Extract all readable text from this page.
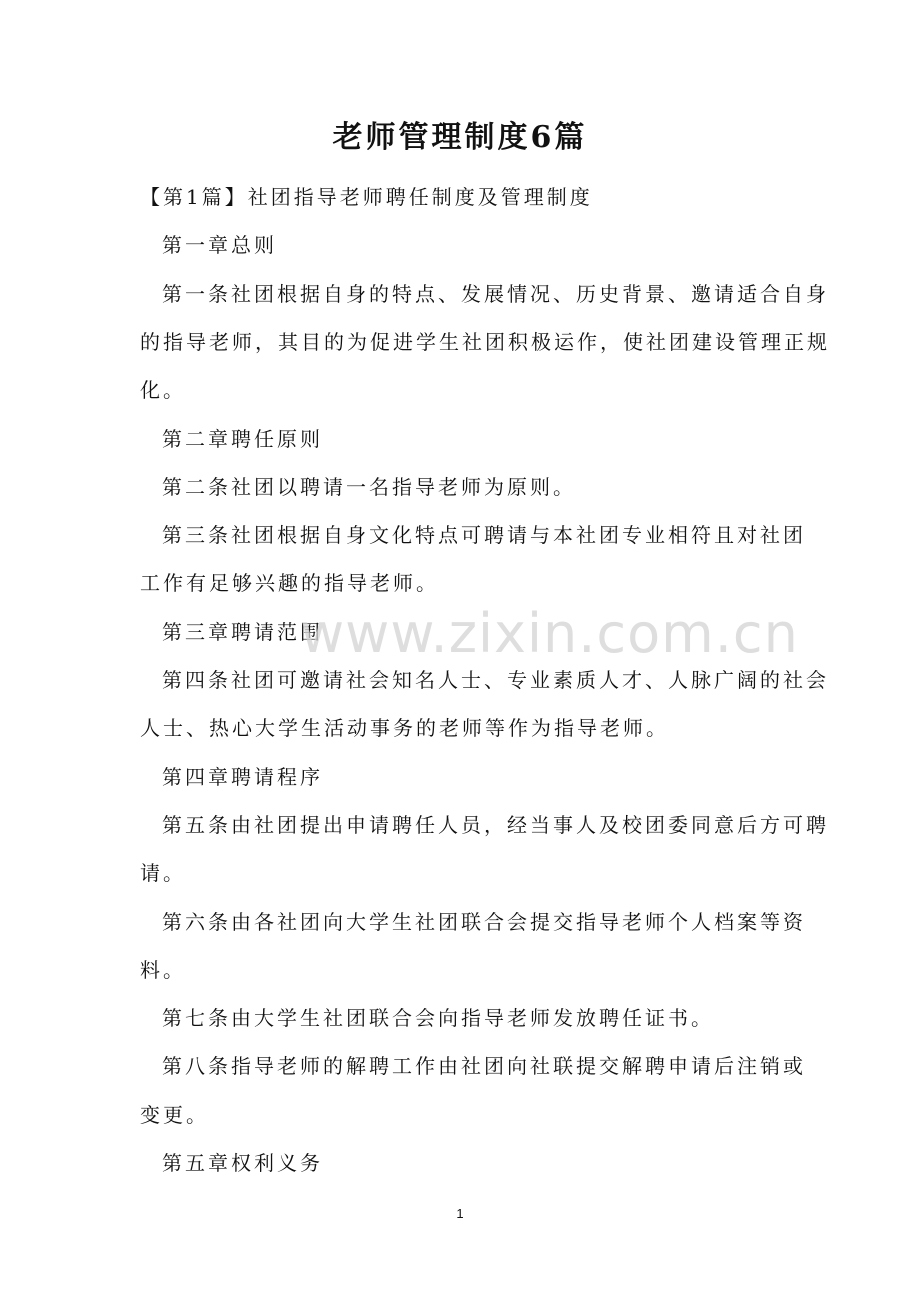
老师管理制度6篇
【第1篇】社团指导老师聘任制度及管理制度
第一章总则
第一条社团根据自身的特点、发展情况、历史背景、邀请适合自身
的指导老师，其目的为促进学生社团积极运作，使社团建设管理正规
化。
第二章聘任原则
第二条社团以聘请一名指导老师为原则。
第三条社团根据自身文化特点可聘请与本社团专业相符且对社团
工作有足够兴趣的指导老师。
第三章聘请范围
第四条社团可邀请社会知名人士、专业素质人才、人脉广阔的社会
人士、热心大学生活动事务的老师等作为指导老师。
第四章聘请程序
第五条由社团提出申请聘任人员，经当事人及校团委同意后方可聘
请。
第六条由各社团向大学生社团联合会提交指导老师个人档案等资
料。
第七条由大学生社团联合会向指导老师发放聘任证书。
第八条指导老师的解聘工作由社团向社联提交解聘申请后注销或
变更。
第五章权利义务
www.zixin.com.cn
1
